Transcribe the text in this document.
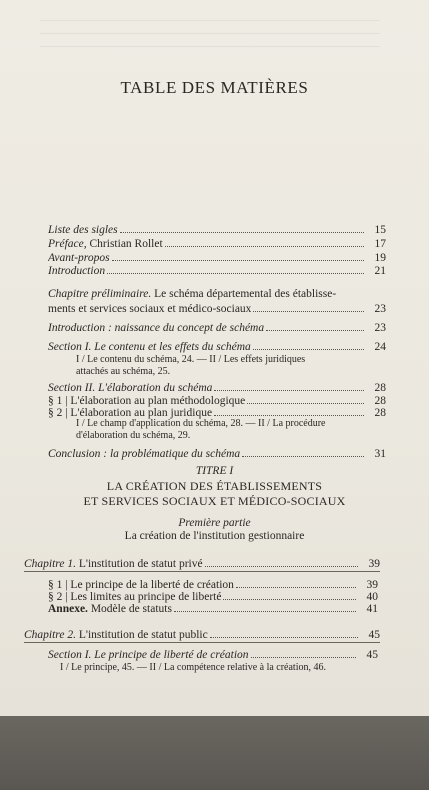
TABLE DES MATIÈRES
Liste des sigles	15
Préface, Christian Rollet	17
Avant-propos	19
Introduction	21
Chapitre préliminaire. Le schéma départemental des établisse-
ments et services sociaux et médico-sociaux	23
Introduction : naissance du concept de schéma	23
Section I. Le contenu et les effets du schéma	24
I / Le contenu du schéma, 24. — II / Les effets juridiques
attachés au schéma, 25.
Section II. L'élaboration du schéma	28
§ 1 | L'élaboration au plan méthodologique	28
§ 2 | L'élaboration au plan juridique	28
I / Le champ d'application du schéma, 28. — II / La procédure
d'élaboration du schéma, 29.
Conclusion : la problématique du schéma	31
TITRE I
LA CRÉATION DES ÉTABLISSEMENTS
ET SERVICES SOCIAUX ET MÉDICO-SOCIAUX
Première partie
La création de l'institution gestionnaire
Chapitre 1. L'institution de statut privé	39
§ 1 | Le principe de la liberté de création	39
§ 2 | Les limites au principe de liberté	40
Annexe. Modèle de statuts	41
Chapitre 2. L'institution de statut public	45
Section I. Le principe de liberté de création	45
I / Le principe, 45. — II / La compétence relative à la création, 46.
